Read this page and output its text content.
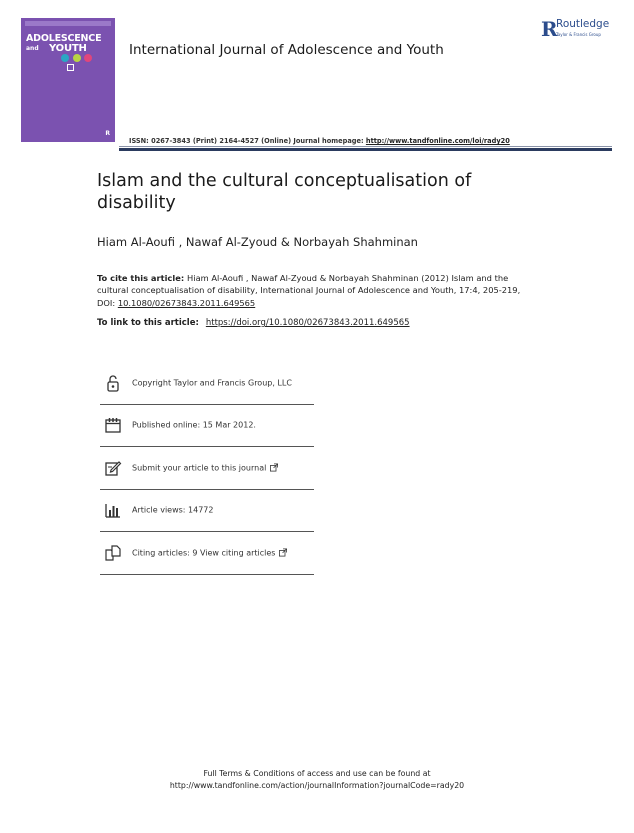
ADOLESCENCE
and YOUTH
R
International Journal of Adolescence and Youth
R
Routledge
Taylor & Francis Group
ISSN: 0267-3843 (Print) 2164-4527 (Online) Journal homepage: http://www.tandfonline.com/loi/rady20
Islam and the cultural conceptualisation of disability
Hiam Al-Aoufi , Nawaf Al-Zyoud & Norbayah Shahminan
To cite this article: Hiam Al-Aoufi , Nawaf Al-Zyoud & Norbayah Shahminan (2012) Islam and the cultural conceptualisation of disability, International Journal of Adolescence and Youth, 17:4, 205-219, DOI: 10.1080/02673843.2011.649565
To link to this article: https://doi.org/10.1080/02673843.2011.649565
Copyright Taylor and Francis Group, LLC
Published online: 15 Mar 2012.
Submit your article to this journal
Article views: 14772
Citing articles: 9 View citing articles
Full Terms & Conditions of access and use can be found at
http://www.tandfonline.com/action/journalInformation?journalCode=rady20
